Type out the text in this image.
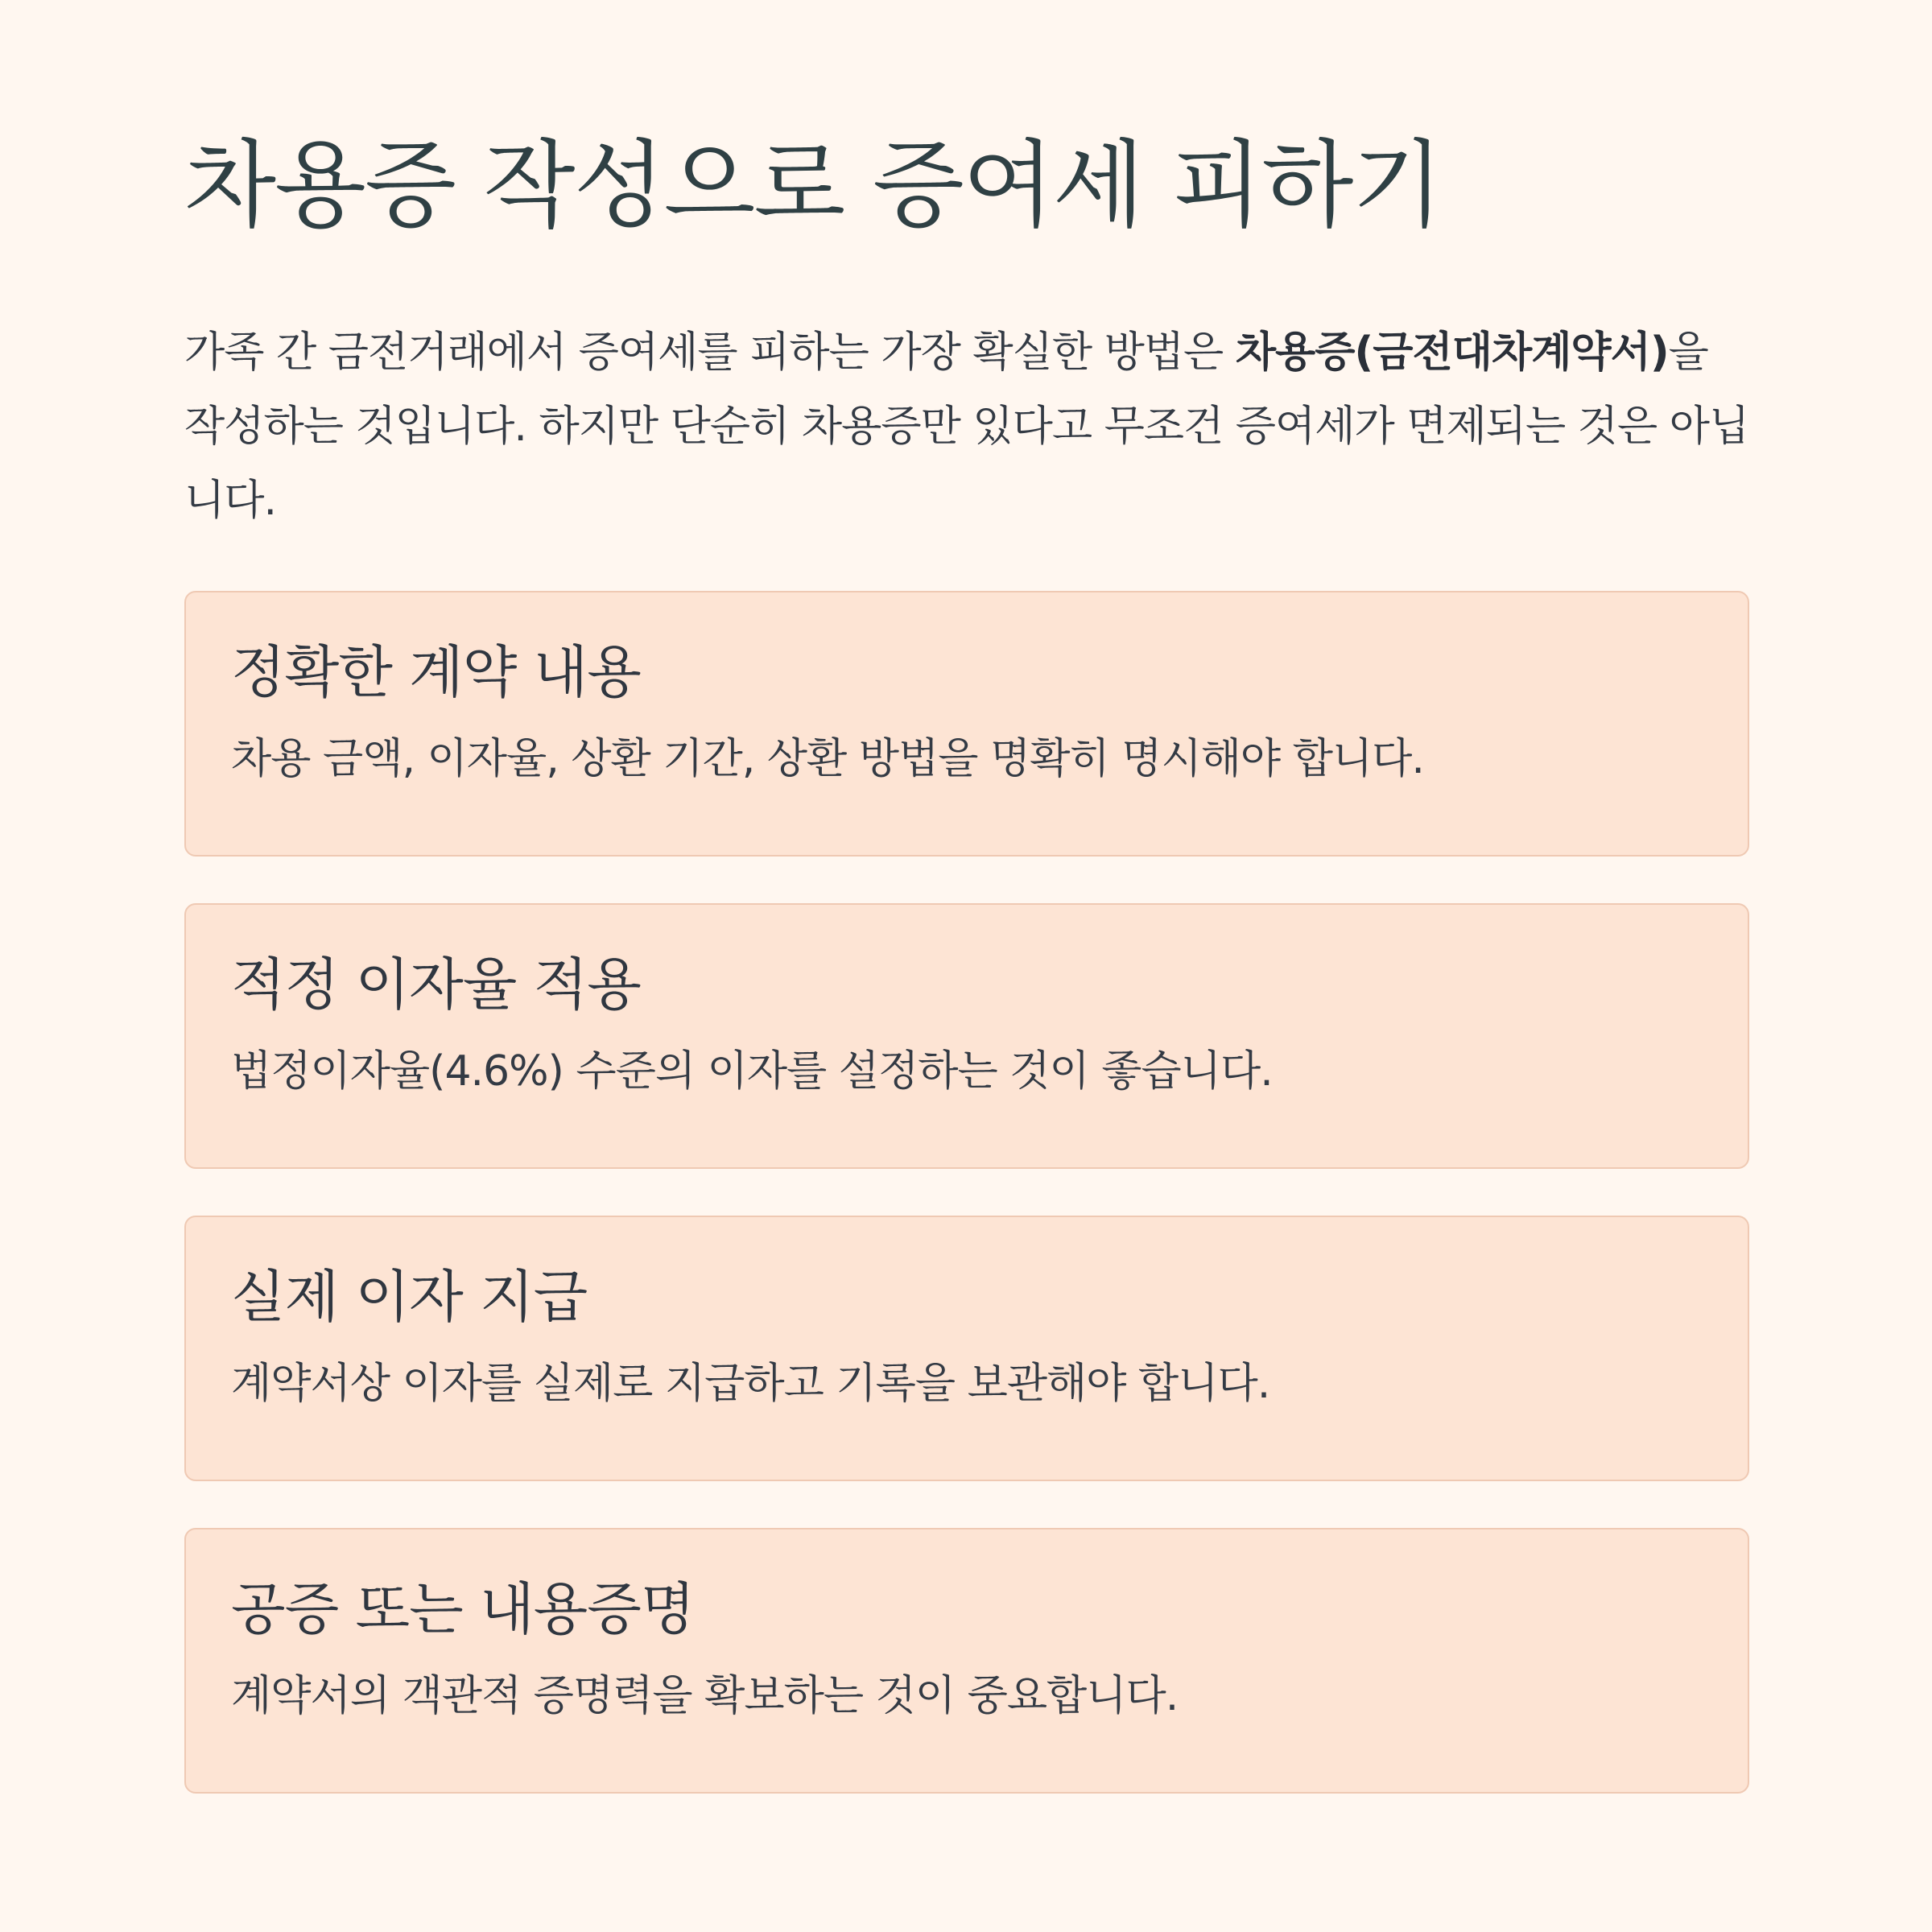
차용증 작성으로 증여세 피하기

가족 간 금전거래에서 증여세를 피하는 가장 확실한 방법은 차용증(금전대차계약서)을 작성하는 것입니다. 하지만 단순히 차용증만 있다고 무조건 증여세가 면제되는 것은 아닙니다.

정확한 계약 내용

차용 금액, 이자율, 상환 기간, 상환 방법을 명확히 명시해야 합니다.

적정 이자율 적용

법정이자율(4.6%) 수준의 이자를 설정하는 것이 좋습니다.

실제 이자 지급

계약서상 이자를 실제로 지급하고 기록을 보관해야 합니다.

공증 또는 내용증명

계약서의 객관적 증명력을 확보하는 것이 중요합니다.
